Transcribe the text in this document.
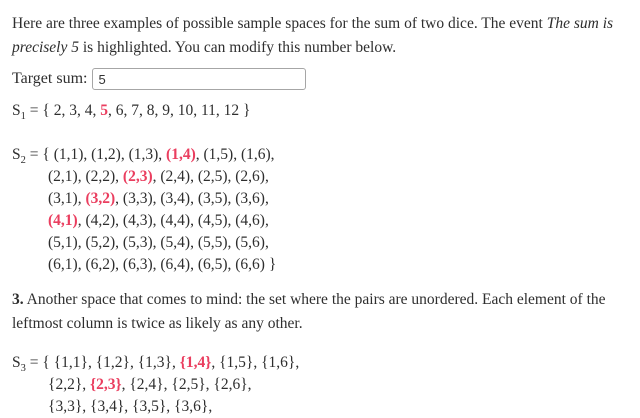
Here are three examples of possible sample spaces for the sum of two dice. The event The sum is precisely 5 is highlighted. You can modify this number below.

Target sum:
5
$S_1$ = { 2, 3, 4, 5, 6, 7, 8, 9, 10, 11, 12 }
$S_2$ = { (1,1), (1,2), (1,3), (1,4), (1,5), (1,6),
(2,1), (2,2), (2,3), (2,4), (2,5), (2,6),
(3,1), (3,2), (3,3), (3,4), (3,5), (3,6),
(4,1), (4,2), (4,3), (4,4), (4,5), (4,6),
(5,1), (5,2), (5,3), (5,4), (5,5), (5,6),
(6,1), (6,2), (6,3), (6,4), (6,5), (6,6) }

3. Another space that comes to mind: the set where the pairs are unordered. Each element of the leftmost column is twice as likely as any other.

$S_3$ = { {1,1}, {1,2}, {1,3}, {1,4}, {1,5}, {1,6},
{2,2}, {2,3}, {2,4}, {2,5}, {2,6},
{3,3}, {3,4}, {3,5}, {3,6},
